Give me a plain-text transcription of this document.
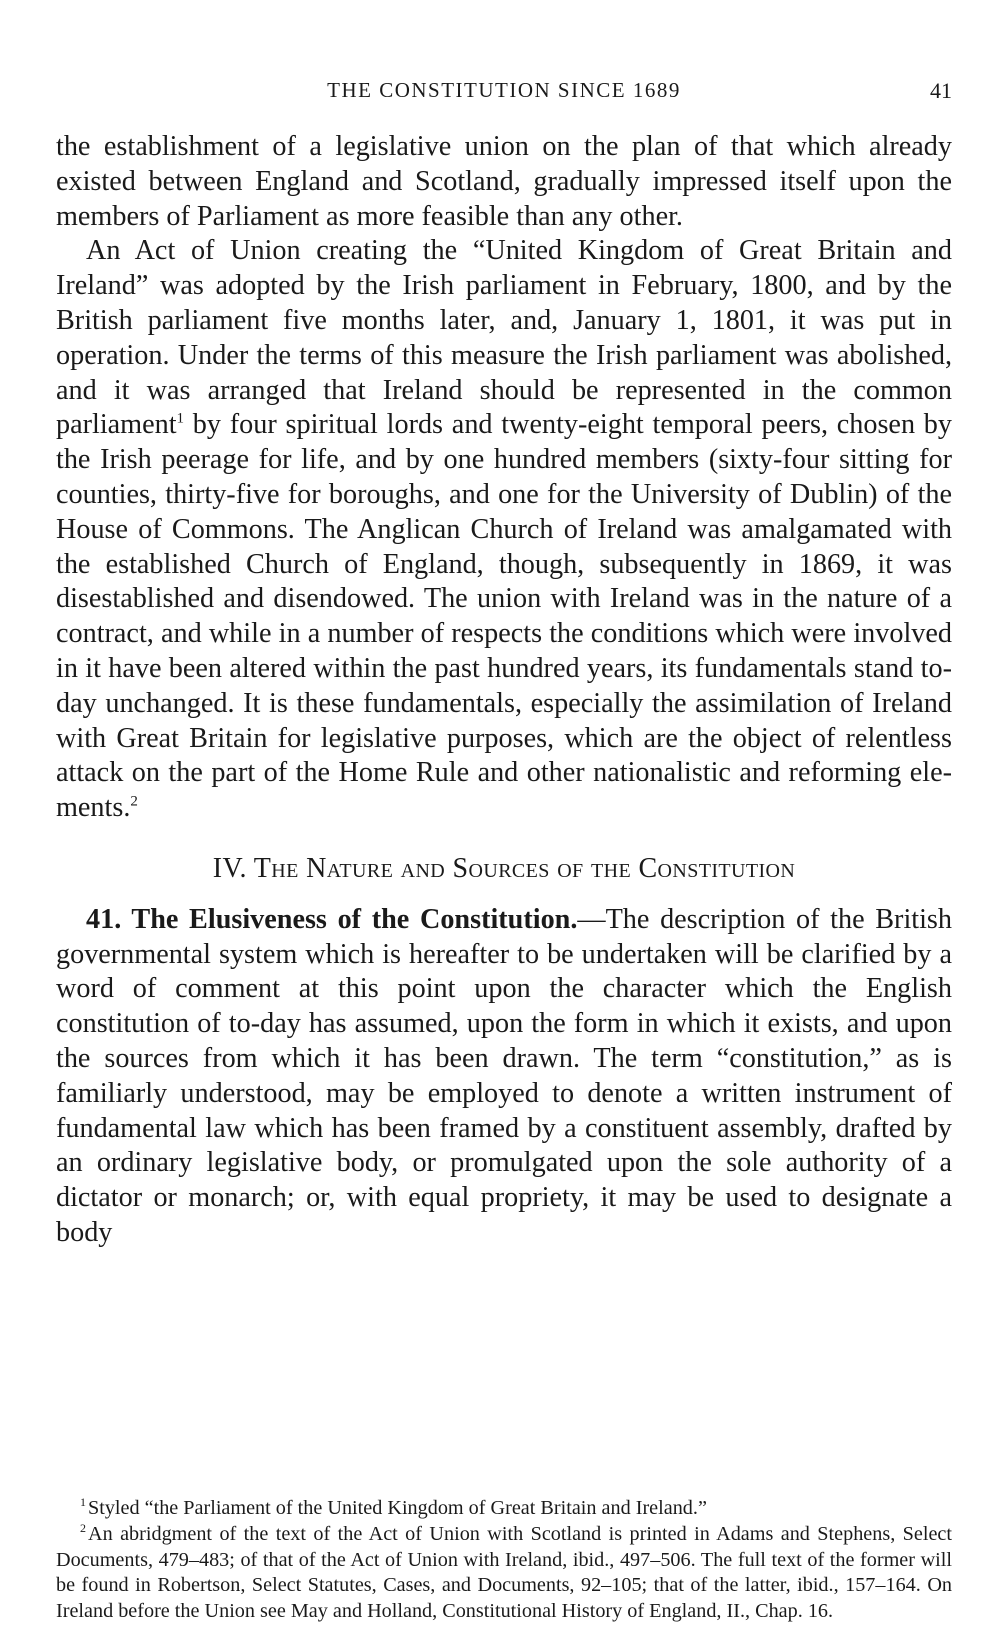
THE CONSTITUTION SINCE 1689	41

the establishment of a legislative union on the plan of that which already existed between England and Scotland, gradually impressed itself upon the members of Parliament as more feasible than any other.

An Act of Union creating the “United Kingdom of Great Britain and Ireland” was adopted by the Irish parliament in February, 1800, and by the British parliament five months later, and, January 1, 1801, it was put in operation. Under the terms of this measure the Irish parliament was abolished, and it was arranged that Ireland should be represented in the common parliament$^1$ by four spiritual lords and twenty-eight temporal peers, chosen by the Irish peerage for life, and by one hundred members (sixty-four sitting for counties, thirty-five for boroughs, and one for the University of Dublin) of the House of Commons. The Anglican Church of Ireland was amalgamated with the established Church of England, though, subsequently in 1869, it was disestablished and disendowed. The union with Ireland was in the nature of a contract, and while in a number of respects the conditions which were involved in it have been altered within the past hundred years, its fundamentals stand to-day unchanged. It is these fundamentals, especially the assimilation of Ireland with Great Britain for legislative purposes, which are the object of relentless attack on the part of the Home Rule and other nationalistic and reforming elements.$^2$

IV. The Nature and Sources of the Constitution

41. The Elusiveness of the Constitution.—The description of the British governmental system which is hereafter to be undertaken will be clarified by a word of comment at this point upon the character which the English constitution of to-day has assumed, upon the form in which it exists, and upon the sources from which it has been drawn. The term “constitution,” as is familiarly understood, may be employed to denote a written instrument of fundamental law which has been framed by a constituent assembly, drafted by an ordinary legislative body, or promulgated upon the sole authority of a dictator or monarch; or, with equal propriety, it may be used to designate a body

$^1$Styled “the Parliament of the United Kingdom of Great Britain and Ireland.”

$^2$An abridgment of the text of the Act of Union with Scotland is printed in Adams and Stephens, Select Documents, 479–483; of that of the Act of Union with Ireland, ibid., 497–506. The full text of the former will be found in Robertson, Select Statutes, Cases, and Documents, 92–105; that of the latter, ibid., 157–164. On Ireland before the Union see May and Holland, Constitutional History of England, II., Chap. 16.
